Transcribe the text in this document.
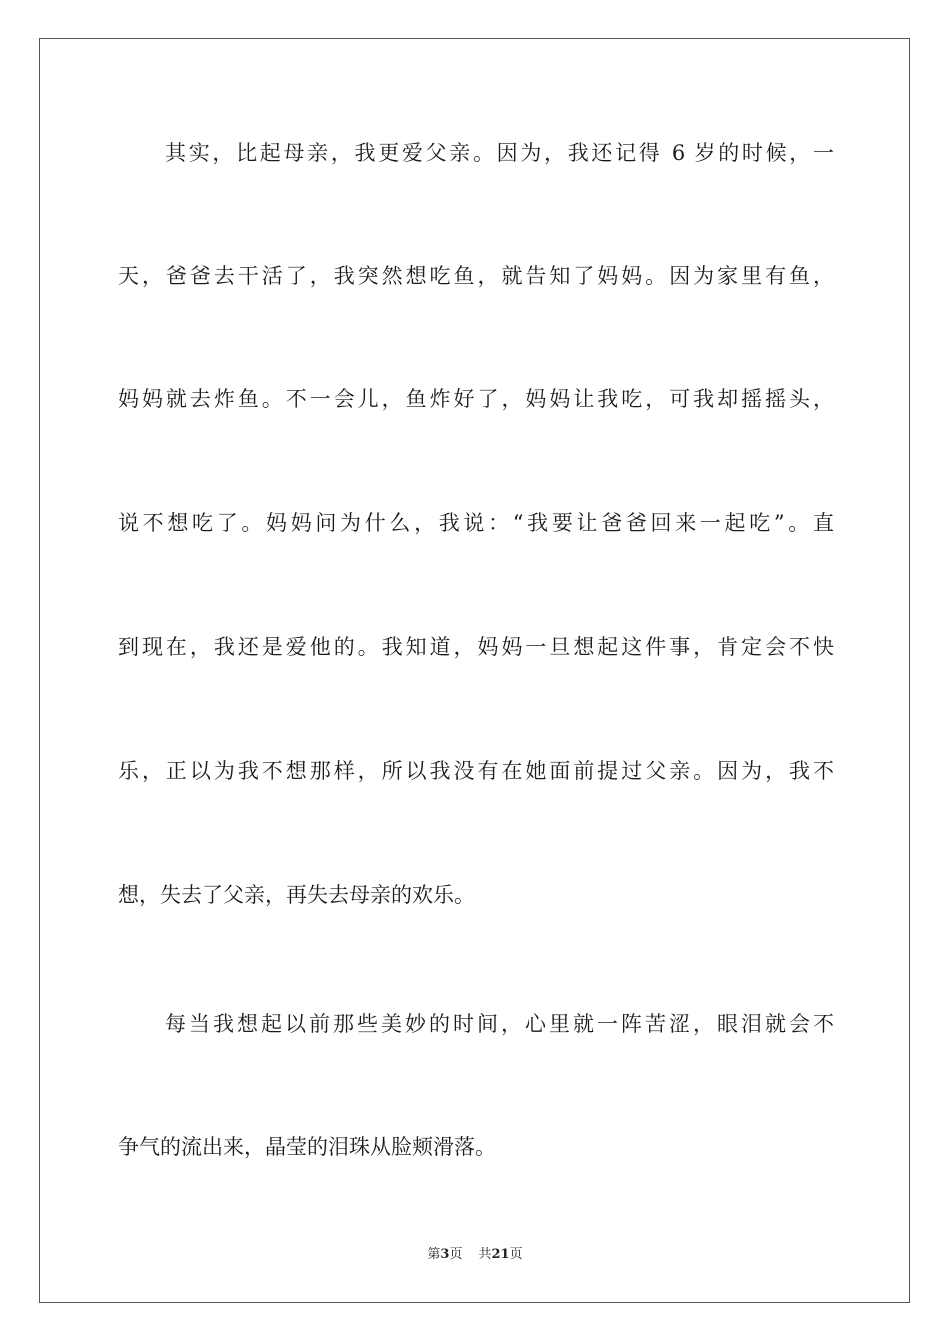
其实，比起母亲，我更爱父亲。因为，我还记得 6 岁的时候，一
天，爸爸去干活了，我突然想吃鱼，就告知了妈妈。因为家里有鱼，
妈妈就去炸鱼。不一会儿，鱼炸好了，妈妈让我吃，可我却摇摇头，
说不想吃了。妈妈问为什么，我说：“我要让爸爸回来一起吃”。直
到现在，我还是爱他的。我知道，妈妈一旦想起这件事，肯定会不快
乐，正以为我不想那样，所以我没有在她面前提过父亲。因为，我不
想，失去了父亲，再失去母亲的欢乐。
每当我想起以前那些美妙的时间，心里就一阵苦涩，眼泪就会不
争气的流出来，晶莹的泪珠从脸颊滑落。
第3页 共21页
